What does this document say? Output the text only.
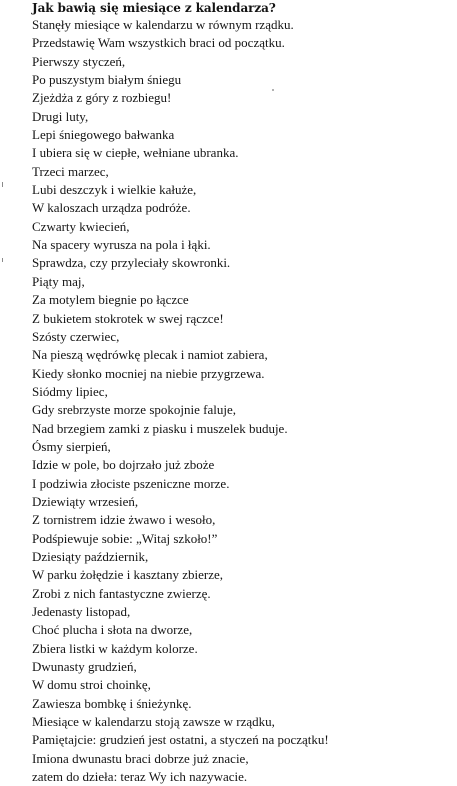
Jak bawią się miesiące z kalendarza?
Stanęły miesiące w kalendarzu w równym rządku.
Przedstawię Wam wszystkich braci od początku.
Pierwszy styczeń,
Po puszystym białym śniegu
Zjeżdża z góry z rozbiegu!
Drugi luty,
Lepi śniegowego bałwanka
I ubiera się w ciepłe, wełniane ubranka.
Trzeci marzec,
Lubi deszczyk i wielkie kałuże,
W kaloszach urządza podróże.
Czwarty kwiecień,
Na spacery wyrusza na pola i łąki.
Sprawdza, czy przyleciały skowronki.
Piąty maj,
Za motylem biegnie po łączce
Z bukietem stokrotek w swej rączce!
Szósty czerwiec,
Na pieszą wędrówkę plecak i namiot zabiera,
Kiedy słonko mocniej na niebie przygrzewa.
Siódmy lipiec,
Gdy srebrzyste morze spokojnie faluje,
Nad brzegiem zamki z piasku i muszelek buduje.
Ósmy sierpień,
Idzie w pole, bo dojrzało już zboże
I podziwia złociste pszeniczne morze.
Dziewiąty wrzesień,
Z tornistrem idzie żwawo i wesoło,
Podśpiewuje sobie: „Witaj szkoło!”
Dziesiąty październik,
W parku żołędzie i kasztany zbierze,
Zrobi z nich fantastyczne zwierzę.
Jedenasty listopad,
Choć plucha i słota na dworze,
Zbiera listki w każdym kolorze.
Dwunasty grudzień,
W domu stroi choinkę,
Zawiesza bombkę i śnieżynkę.
Miesiące w kalendarzu stoją zawsze w rządku,
Pamiętajcie: grudzień jest ostatni, a styczeń na początku!
Imiona dwunastu braci dobrze już znacie,
zatem do dzieła: teraz Wy ich nazywacie.
